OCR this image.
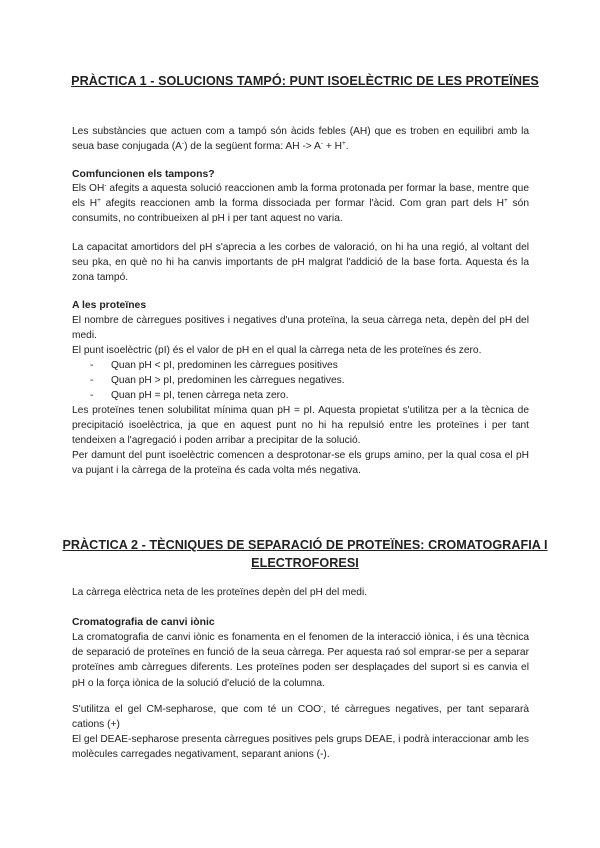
PRÀCTICA 1 - SOLUCIONS TAMPÓ: PUNT ISOELÈCTRIC DE LES PROTEÏNES
Les substàncies que actuen com a tampó són àcids febles (AH) que es troben en equilibri amb la seua base conjugada (A-) de la següent forma: AH -> A- + H+.
Comfuncionen els tampons?
Els OH- afegits a aquesta solució reaccionen amb la forma protonada per formar la base, mentre que els H+ afegits reaccionen amb la forma dissociada per formar l'àcid. Com gran part dels H+ són consumits, no contribueixen al pH i per tant aquest no varia.
La capacitat amortidors del pH s'aprecia a les corbes de valoració, on hi ha una regió, al voltant del seu pka, en què no hi ha canvis importants de pH malgrat l'addició de la base forta. Aquesta és la zona tampó.
A les proteïnes
El nombre de càrregues positives i negatives d'una proteïna, la seua càrrega neta, depèn del pH del medi.
El punt isoelèctric (pI) és el valor de pH en el qual la càrrega neta de les proteïnes és zero.
- Quan pH < pI, predominen les càrregues positives
- Quan pH > pI, predominen les càrregues negatives.
- Quan pH = pI, tenen càrrega neta zero.
Les proteïnes tenen solubilitat mínima quan pH = pI. Aquesta propietat s'utilitza per a la tècnica de precipitació isoelèctrica, ja que en aquest punt no hi ha repulsió entre les proteïnes i per tant tendeixen a l'agregació i poden arribar a precipitar de la solució.
Per damunt del punt isoelèctric comencen a desprotonar-se els grups amino, per la qual cosa el pH va pujant i la càrrega de la proteïna és cada volta més negativa.
PRÀCTICA 2 - TÈCNIQUES DE SEPARACIÓ DE PROTEÏNES: CROMATOGRAFIA I ELECTROFORESI
La càrrega elèctrica neta de les proteïnes depèn del pH del medi.
Cromatografia de canvi iònic
La cromatografia de canvi iònic es fonamenta en el fenomen de la interacció iònica, i és una tècnica de separació de proteïnes en funció de la seua càrrega. Per aquesta raó sol emprar-se per a separar proteïnes amb càrregues diferents. Les proteïnes poden ser desplaçades del suport si es canvia el pH o la força iònica de la solució d'elució de la columna.
S'utilitza el gel CM-sepharose, que com té un COO-, té càrregues negatives, per tant separarà cations (+)
El gel DEAE-sepharose presenta càrregues positives pels grups DEAE, i podrà interaccionar amb les molècules carregades negativament, separant anions (-).
